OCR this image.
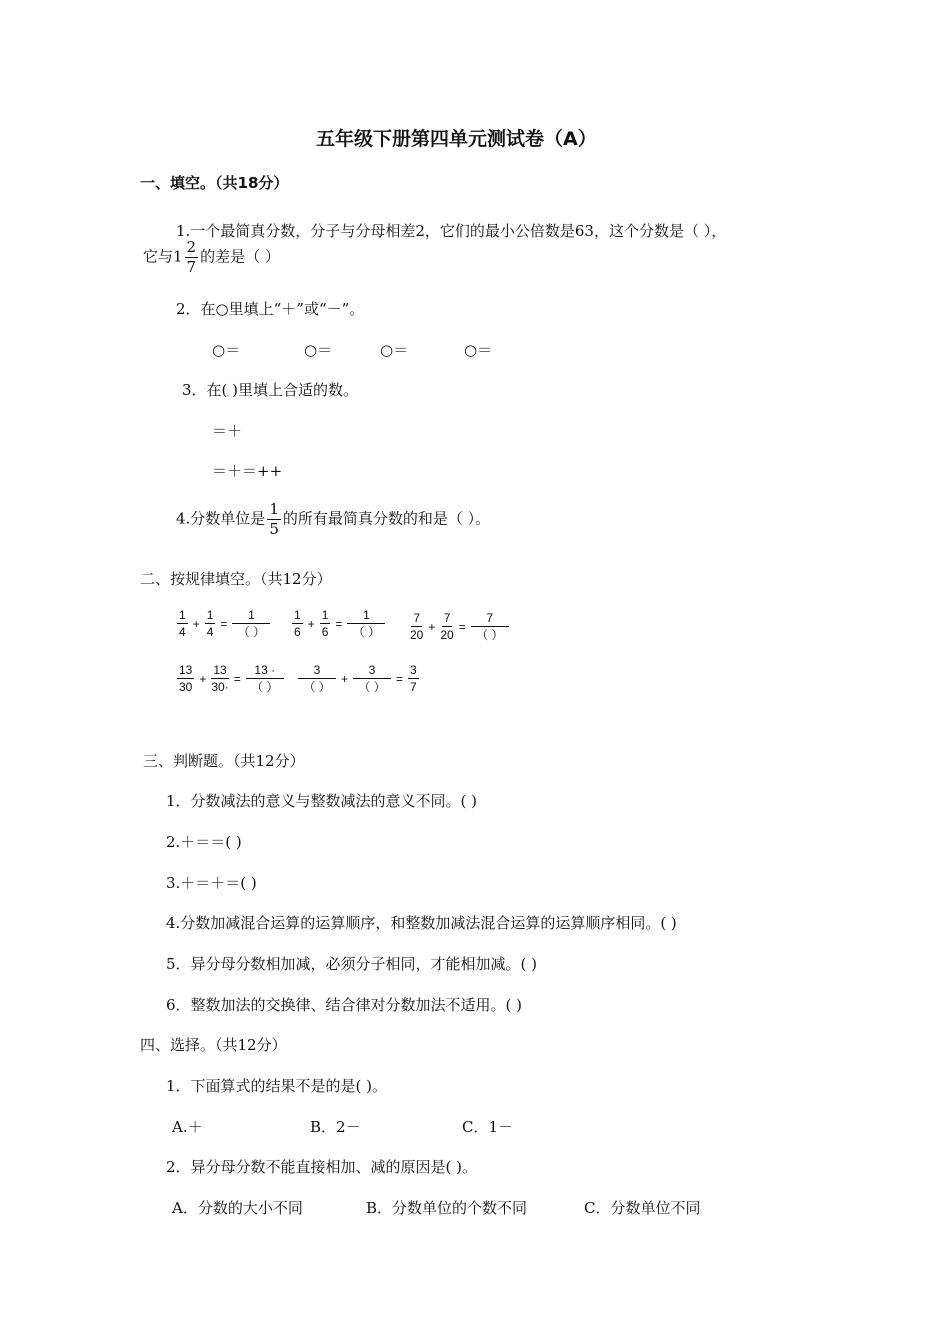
五年级下册第四单元测试卷（A）
一、填空。（共18分）
1.一个最简真分数，分子与分母相差2，它们的最小公倍数是63，这个分数是（ ），
它与$1 \frac{2}{7}$ 的差是（ ）
2．在○里填上“＋”或“－”。
○＝	○＝	○＝	○＝
3．在( )里填上合适的数。
＝＋
＝＋＝++
4.分数单位是 $\frac{1}{5}$ 的所有最简真分数的和是（ ）。
二、按规律填空。（共12分）
$\frac{1}{4} + \frac{1}{4} = \frac{1}{( )} \frac{1}{6} + \frac{1}{6} = \frac{1}{( )} \frac{7}{20} + \frac{7}{20} = \frac{7}{( )}$
$\frac{13}{30} + \frac{13}{30\cdot} = \frac{13 \cdot}{( )} \frac{3}{( )} + \frac{3}{( )} = \frac{3}{7}$
三、判断题。（共12分）
1．分数减法的意义与整数减法的意义不同。( )
2.＋＝＝( )
3.＋＝＋＝( )
4.分数加减混合运算的运算顺序，和整数加减法混合运算的运算顺序相同。( )
5．异分母分数相加减，必须分子相同，才能相加减。( )
6．整数加法的交换律、结合律对分数加法不适用。( )
四、选择。（共12分）
1．下面算式的结果不是的是( )。
A.＋	B．2－	C．1－
2．异分母分数不能直接相加、减的原因是( )。
A．分数的大小不同	B．分数单位的个数不同	C．分数单位不同
